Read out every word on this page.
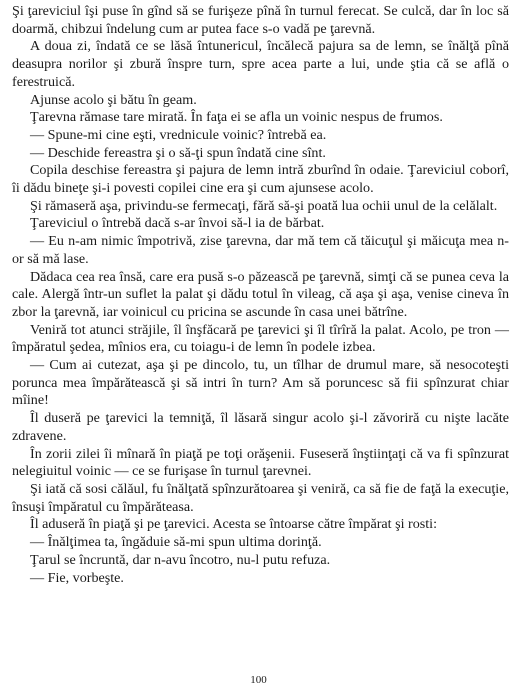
Şi ţareviciul îşi puse în gînd să se furişeze pînă în turnul ferecat. Se culcă, dar în loc să doarmă, chibzui îndelung cum ar putea face s-o vadă pe ţarevnă.

A doua zi, îndată ce se lăsă întunericul, încălecă pajura sa de lemn, se înălţă pînă deasupra norilor şi zbură înspre turn, spre acea parte a lui, unde ştia că se află o ferestruică.

Ajunse acolo şi bătu în geam.

Ţarevna rămase tare mirată. În faţa ei se afla un voinic nespus de frumos.

— Spune-mi cine eşti, vrednicule voinic? întrebă ea.

— Deschide fereastra şi o să-ţi spun îndată cine sînt.

Copila deschise fereastra şi pajura de lemn intră zburînd în odaie. Ţareviciul coborî, îi dădu bineţe şi-i povesti copilei cine era şi cum ajunsese acolo.

Şi rămaseră aşa, privindu-se fermecaţi, fără să-şi poată lua ochii unul de la celălalt.

Ţareviciul o întrebă dacă s-ar învoi să-l ia de bărbat.

— Eu n-am nimic împotrivă, zise ţarevna, dar mă tem că tăicuţul şi măicuţa mea n-or să mă lase.

Dădaca cea rea însă, care era pusă s-o păzească pe ţarevnă, simţi că se punea ceva la cale. Alergă într-un suflet la palat şi dădu totul în vileag, că aşa şi aşa, venise cineva în zbor la ţarevnă, iar voinicul cu pricina se ascunde în casa unei bătrîne.

Veniră tot atunci străjile, îl înşfăcară pe ţarevici şi îl tîrîră la palat. Acolo, pe tron — împăratul şedea, mînios era, cu toiagu-i de lemn în podele izbea.

— Cum ai cutezat, aşa şi pe dincolo, tu, un tîlhar de drumul mare, să nesocoteşti porunca mea împărătească şi să intri în turn? Am să poruncesc să fii spînzurat chiar mîine!

Îl duseră pe ţarevici la temniţă, îl lăsară singur acolo şi-l zăvoriră cu nişte lacăte zdravene.

În zorii zilei îi mînară în piaţă pe toţi orăşenii. Fuseseră înştiinţaţi că va fi spînzurat nelegiuitul voinic — ce se furişase în turnul ţarevnei.

Şi iată că sosi călăul, fu înălţată spînzurătoarea şi veniră, ca să fie de faţă la execuţie, însuşi împăratul cu împărăteasa.

Îl aduseră în piaţă şi pe ţarevici. Acesta se întoarse către împărat şi rosti:

— Înălţimea ta, îngăduie să-mi spun ultima dorinţă.

Ţarul se încruntă, dar n-avu încotro, nu-l putu refuza.

— Fie, vorbeşte.

100
